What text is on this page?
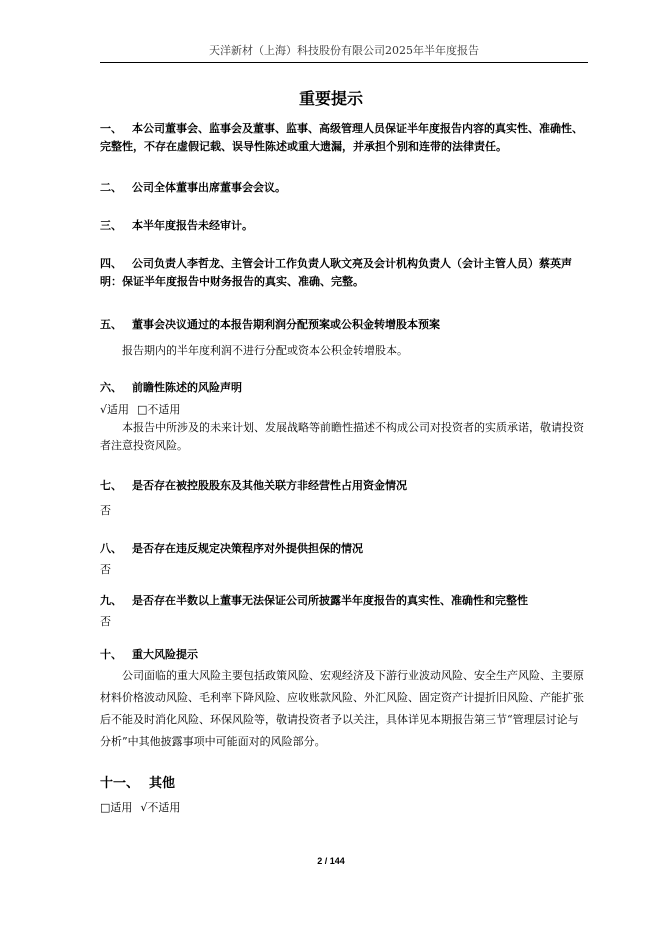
天洋新材（上海）科技股份有限公司2025年半年度报告
重要提示
一、 本公司董事会、监事会及董事、监事、高级管理人员保证半年度报告内容的真实性、准确性、完整性，不存在虚假记载、误导性陈述或重大遗漏，并承担个别和连带的法律责任。
二、 公司全体董事出席董事会会议。
三、 本半年度报告未经审计。
四、 公司负责人李哲龙、主管会计工作负责人耿文亮及会计机构负责人（会计主管人员）蔡英声明：保证半年度报告中财务报告的真实、准确、完整。
五、 董事会决议通过的本报告期利润分配预案或公积金转增股本预案
报告期内的半年度利润不进行分配或资本公积金转增股本。
六、 前瞻性陈述的风险声明
√适用 □不适用
本报告中所涉及的未来计划、发展战略等前瞻性描述不构成公司对投资者的实质承诺，敬请投资者注意投资风险。
七、 是否存在被控股股东及其他关联方非经营性占用资金情况
否
八、 是否存在违反规定决策程序对外提供担保的情况
否
九、 是否存在半数以上董事无法保证公司所披露半年度报告的真实性、准确性和完整性
否
十、 重大风险提示
公司面临的重大风险主要包括政策风险、宏观经济及下游行业波动风险、安全生产风险、主要原材料价格波动风险、毛利率下降风险、应收账款风险、外汇风险、固定资产计提折旧风险、产能扩张后不能及时消化风险、环保风险等，敬请投资者予以关注，具体详见本期报告第三节“管理层讨论与分析”中其他披露事项中可能面对的风险部分。
十一、 其他
□适用 √不适用
2 / 144
